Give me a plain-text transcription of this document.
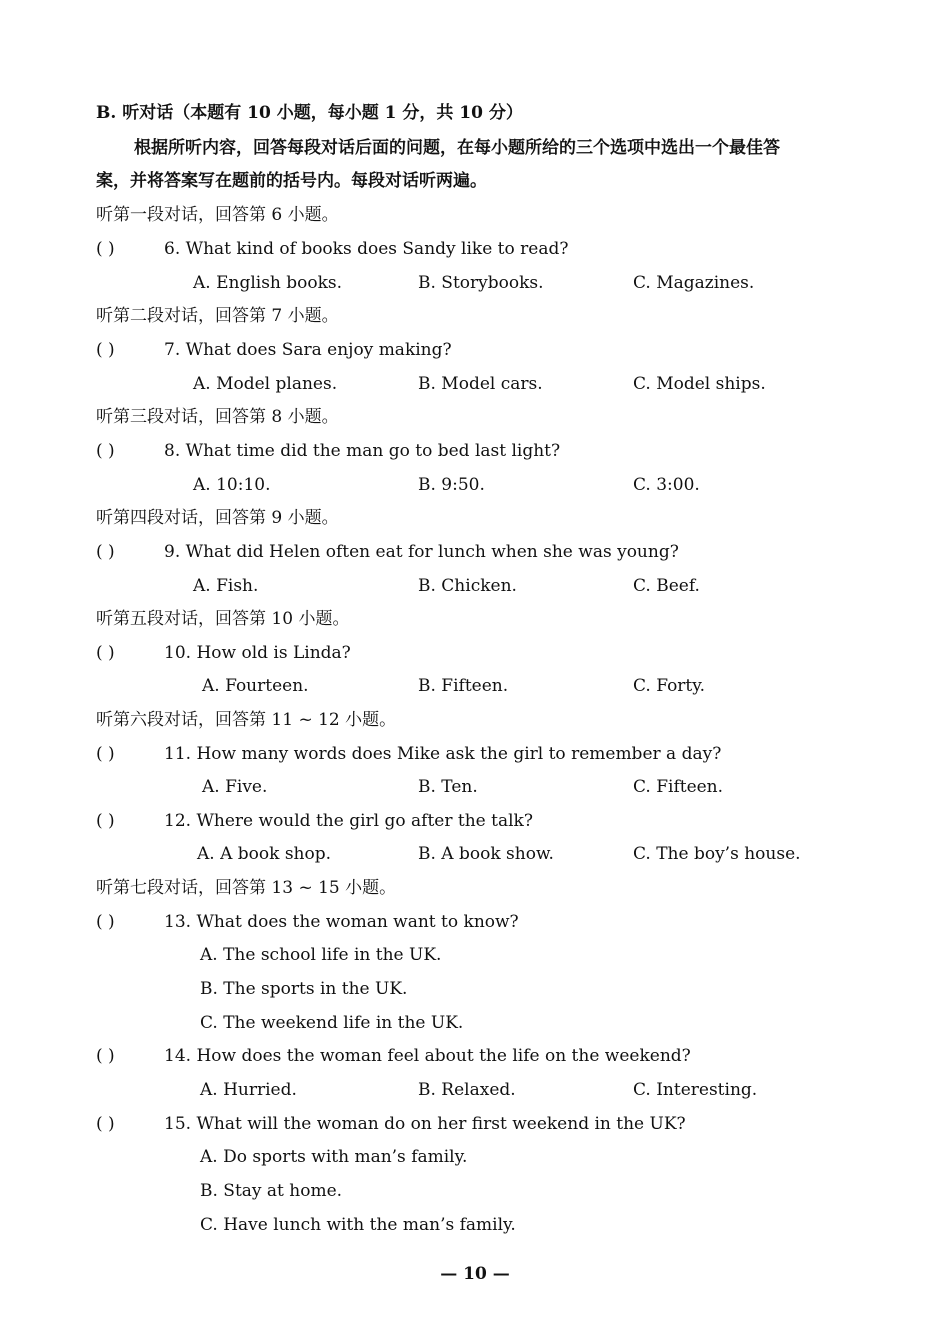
B. 听对话（本题有 10 小题，每小题 1 分，共 10 分）
根据所听内容，回答每段对话后面的问题，在每小题所给的三个选项中选出一个最佳答
案，并将答案写在题前的括号内。每段对话听两遍。
听第一段对话，回答第 6 小题。
( )	6. What kind of books does Sandy like to read?
A. English books.	B. Storybooks.	C. Magazines.
听第二段对话，回答第 7 小题。
( )	7. What does Sara enjoy making?
A. Model planes.	B. Model cars.	C. Model ships.
听第三段对话，回答第 8 小题。
( )	8. What time did the man go to bed last light?
A. 10:10.	B. 9:50.	C. 3:00.
听第四段对话，回答第 9 小题。
( )	9. What did Helen often eat for lunch when she was young?
A. Fish.	B. Chicken.	C. Beef.
听第五段对话，回答第 10 小题。
( )	10. How old is Linda?
A. Fourteen.	B. Fifteen.	C. Forty.
听第六段对话，回答第 11 ~ 12 小题。
( )	11. How many words does Mike ask the girl to remember a day?
A. Five.	B. Ten.	C. Fifteen.
( )	12. Where would the girl go after the talk?
A. A book shop.	B. A book show.	C. The boy’s house.
听第七段对话，回答第 13 ~ 15 小题。
( )	13. What does the woman want to know?
A. The school life in the UK.
B. The sports in the UK.
C. The weekend life in the UK.
( )	14. How does the woman feel about the life on the weekend?
A. Hurried.	B. Relaxed.	C. Interesting.
( )	15. What will the woman do on her first weekend in the UK?
A. Do sports with man’s family.
B. Stay at home.
C. Have lunch with the man’s family.
— 10 —
